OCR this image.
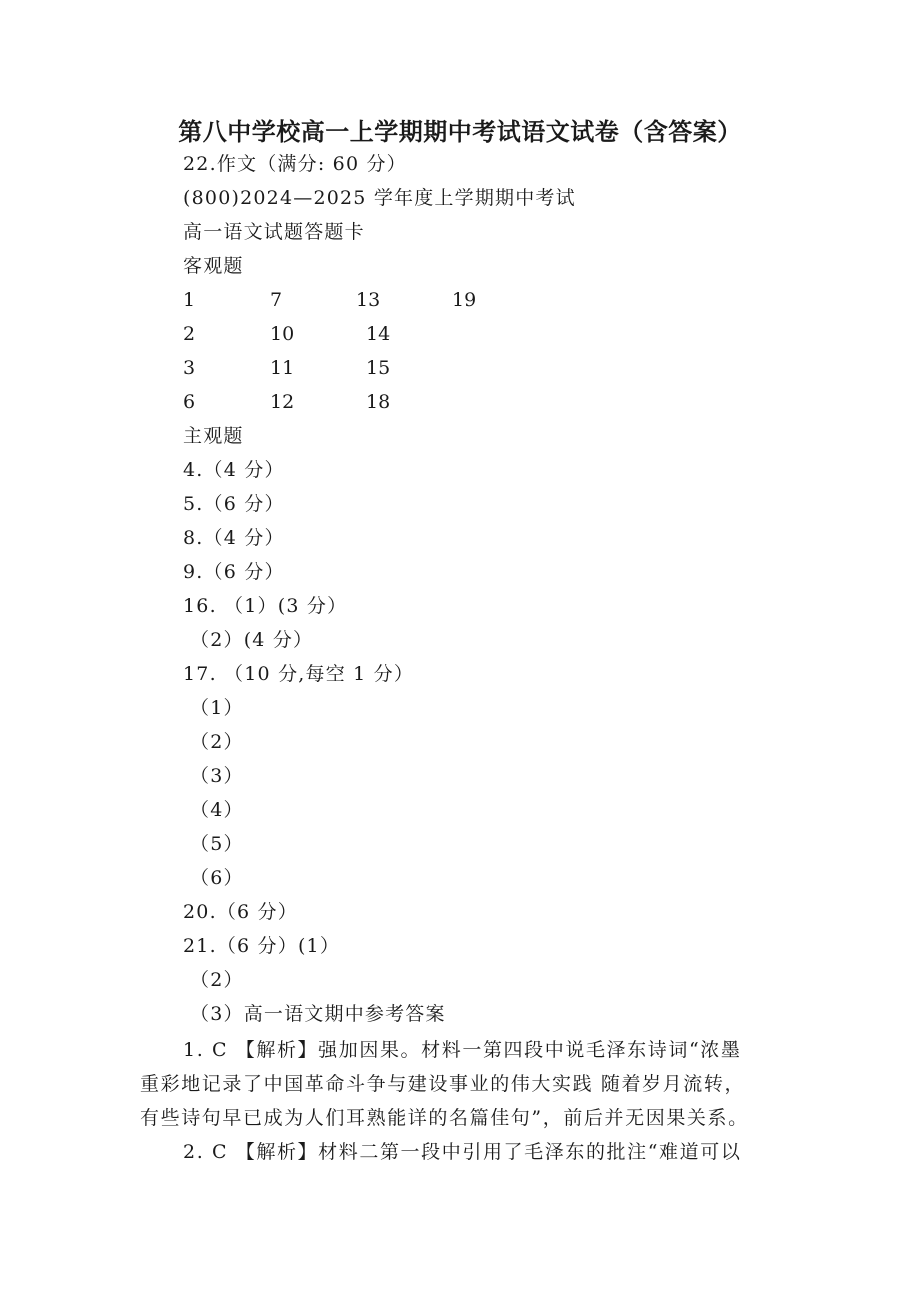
第八中学校高一上学期期中考试语文试卷（含答案）
22.作文（满分: 60 分）
(800)2024—2025 学年度上学期期中考试
高一语文试题答题卡
客观题
1	7	13	19
2	10	14
3	11	15
6	12	18
主观题
4.（4 分）
5.（6 分）
8.（4 分）
9.（6 分）
16. （1）(3 分）
（2）(4 分）
17. （10 分,每空 1 分）
（1）
（2）
（3）
（4）
（5）
（6）
20.（6 分）
21.（6 分）(1）
（2）
（3）高一语文期中参考答案
1. C 【解析】强加因果。材料一第四段中说毛泽东诗词“浓墨
重彩地记录了中国革命斗争与建设事业的伟大实践 随着岁月流转，
有些诗句早已成为人们耳熟能详的名篇佳句”，前后并无因果关系。
2. C 【解析】材料二第一段中引用了毛泽东的批注“难道可以
